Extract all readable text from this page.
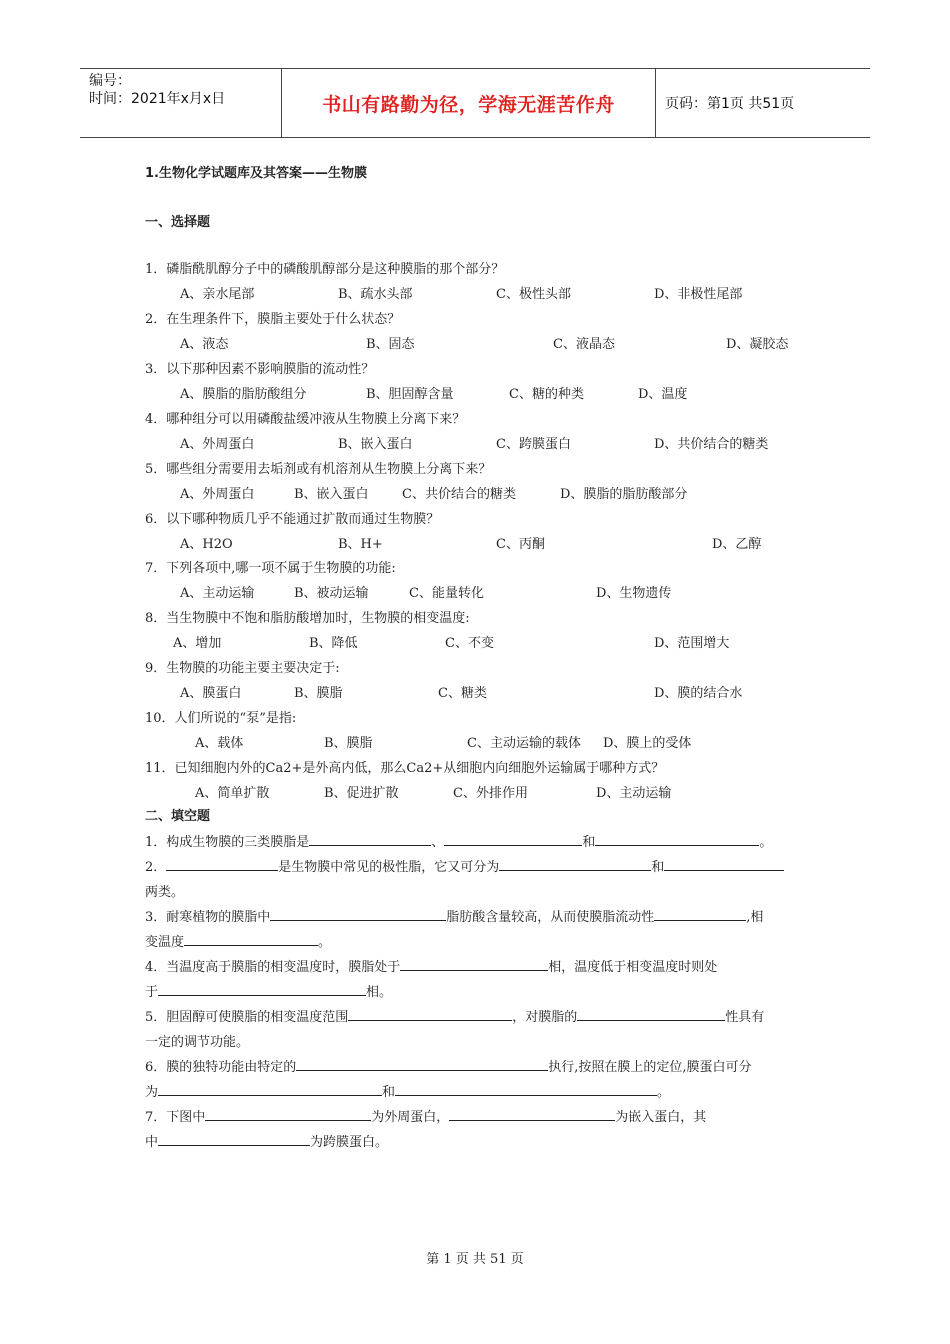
编号：
时间：2021年x月x日	书山有路勤为径，学海无涯苦作舟	页码：第1页 共51页
1.生物化学试题库及其答案——生物膜
一、选择题
1．磷脂酰肌醇分子中的磷酸肌醇部分是这种膜脂的那个部分？
A、亲水尾部	B、疏水头部	C、极性头部	D、非极性尾部
2．在生理条件下，膜脂主要处于什么状态？
A、液态	B、固态	C、液晶态	D、凝胶态
3．以下那种因素不影响膜脂的流动性？
A、膜脂的脂肪酸组分	B、胆固醇含量	C、糖的种类	D、温度
4．哪种组分可以用磷酸盐缓冲液从生物膜上分离下来？
A、外周蛋白	B、嵌入蛋白	C、跨膜蛋白	D、共价结合的糖类
5．哪些组分需要用去垢剂或有机溶剂从生物膜上分离下来？
A、外周蛋白	B、嵌入蛋白	C、共价结合的糖类	D、膜脂的脂肪酸部分
6．以下哪种物质几乎不能通过扩散而通过生物膜？
A、H2O	B、H+	C、丙酮	D、乙醇
7．下列各项中,哪一项不属于生物膜的功能:
A、主动运输	B、被动运输	C、能量转化	D、生物遗传
8．当生物膜中不饱和脂肪酸增加时，生物膜的相变温度:
A、增加	B、降低	C、不变	D、范围增大
9．生物膜的功能主要主要决定于:
A、膜蛋白	B、膜脂	C、糖类	D、膜的结合水
10．人们所说的“泵”是指:
A、载体	B、膜脂	C、主动运输的载体 D、膜上的受体
11．已知细胞内外的Ca2+是外高内低，那么Ca2+从细胞内向细胞外运输属于哪种方式？
A、简单扩散	B、促进扩散	C、外排作用	D、主动运输
二、填空题
1．构成生物膜的三类膜脂是	、	和	。
2．	是生物膜中常见的极性脂，它又可分为	和
两类。
3．耐寒植物的膜脂中	脂肪酸含量较高，从而使膜脂流动性	,相
变温度	。
4．当温度高于膜脂的相变温度时，膜脂处于	相，温度低于相变温度时则处
于	相。
5．胆固醇可使膜脂的相变温度范围	，对膜脂的	性具有
一定的调节功能。
6．膜的独特功能由特定的	执行,按照在膜上的定位,膜蛋白可分
为	和	。
7．下图中	为外周蛋白，	为嵌入蛋白，其
中	为跨膜蛋白。
第 1 页 共 51 页
